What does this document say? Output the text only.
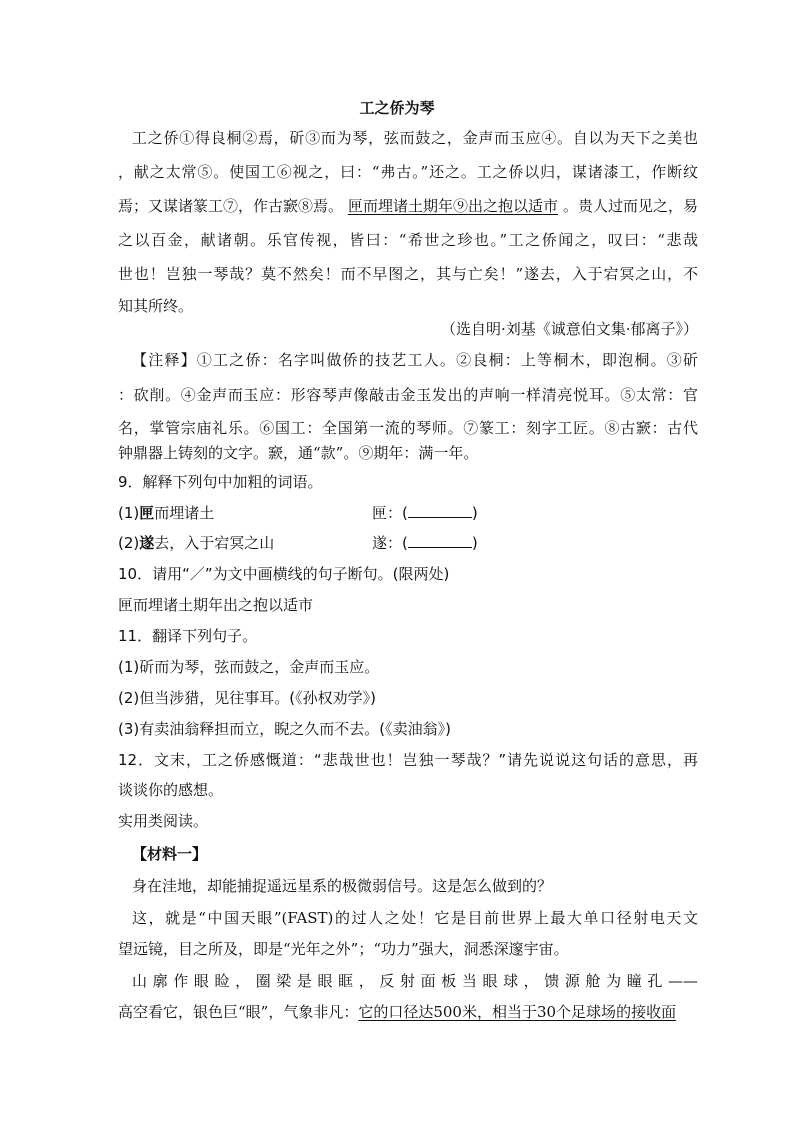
工之侨为琴
工之侨①得良桐②焉，斫③而为琴，弦而鼓之，金声而玉应④。自以为天下之美也
，献之太常⑤。使国工⑥视之，曰：“弗古。”还之。工之侨以归，谋诸漆工，作断纹
焉；又谋诸篆工⑦，作古窾⑧焉。 匣而埋诸土期年⑨出之抱以适市 。贵人过而见之，易
之以百金，献诸朝。乐官传视，皆曰：“希世之珍也。”工之侨闻之，叹曰：“悲哉
世也！岂独一琴哉？莫不然矣！而不早图之，其与亡矣！”遂去，入于宕冥之山，不
知其所终。
（选自明·刘基《诚意伯文集·郁离子》）
【注释】①工之侨：名字叫做侨的技艺工人。②良桐：上等桐木，即泡桐。③斫
：砍削。④金声而玉应：形容琴声像敲击金玉发出的声响一样清亮悦耳。⑤太常：官
名，掌管宗庙礼乐。⑥国工：全国第一流的琴师。⑦篆工：刻字工匠。⑧古窾：古代
钟鼎器上铸刻的文字。窾，通“款”。⑨期年：满一年。
9．解释下列句中加粗的词语。
(1)匣而埋诸土	匣：(	)
(2)遂去，入于宕冥之山	遂：(	)
10．请用“／”为文中画横线的句子断句。(限两处)
匣而埋诸土期年出之抱以适市
11．翻译下列句子。
(1)斫而为琴，弦而鼓之，金声而玉应。
(2)但当涉猎，见往事耳。(《孙权劝学》)
(3)有卖油翁释担而立，睨之久而不去。(《卖油翁》)
12．文末，工之侨感慨道：“悲哉世也！岂独一琴哉？”请先说说这句话的意思，再
谈谈你的感想。
实用类阅读。
【材料一】
身在洼地，却能捕捉遥远星系的极微弱信号。这是怎么做到的？
这，就是“中国天眼”(FAST)的过人之处！它是目前世界上最大单口径射电天文
望远镜，目之所及，即是“光年之外”；“功力”强大，洞悉深邃宇宙。
山廓作眼睑，圈梁是眼眶，反射面板当眼球，馈源舱为瞳孔——
高空看它，银色巨“眼”，气象非凡：它的口径达500米，相当于30个足球场的接收面
